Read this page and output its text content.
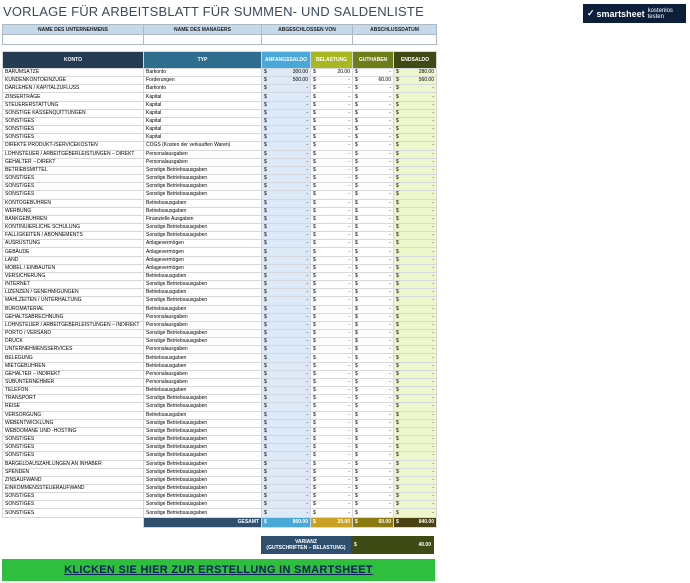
VORLAGE FÜR ARBEITSBLATT FÜR SUMMEN- UND SALDENLISTE	✓ smartsheet kostenlos testen
NAME DES UNTERNEHMENS	NAME DES MANAGERS	ABGESCHLOSSEN VON	ABSCHLUSSDATUM

KONTO	TYP	ANFANGSSALDO	BELASTUNG	GUTHABEN	ENDSALDO
BARUMSÄTZE	Barkonto	$ 300.00	$ 20.00	$ -	$ 280.00

KUNDENKONTOEINZÜGE	Forderungen	$ 500.00	$ -	$ 60.00	$ 560.00

DARLEHEN / KAPITALZUFLUSS	Barkonto	$ -	$ -	$ -	$ -

ZINSERTRÄGE	Kapital	$ -	$ -	$ -	$ -

STEUERERSTATTUNG	Kapital	$ -	$ -	$ -	$ -

SONSTIGE KASSENQUITTUNGEN	Kapital	$ -	$ -	$ -	$ -

SONSTIGES	Kapital	$ -	$ -	$ -	$ -

SONSTIGES	Kapital	$ -	$ -	$ -	$ -

SONSTIGES	Kapital	$ -	$ -	$ -	$ -

DIREKTE PRODUKT-/SERVICEKOSTEN	COGS (Kosten der verkauften Waren)	$ -	$ -	$ -	$ -

LOHNSTEUER / ARBEITGEBERLEISTUNGEN – DIREKT	Personalausgaben	$ -	$ -	$ -	$ -

GEHÄLTER – DIREKT	Personalausgaben	$ -	$ -	$ -	$ -

BETRIEBSMITTEL	Sonstige Betriebsausgaben	$ -	$ -	$ -	$ -

SONSTIGES	Sonstige Betriebsausgaben	$ -	$ -	$ -	$ -

SONSTIGES	Sonstige Betriebsausgaben	$ -	$ -	$ -	$ -

SONSTIGES	Sonstige Betriebsausgaben	$ -	$ -	$ -	$ -

KONTOGEBÜHREN	Betriebsausgaben	$ -	$ -	$ -	$ -

WERBUNG	Betriebsausgaben	$ -	$ -	$ -	$ -

BANKGEBÜHREN	Finanzielle Ausgaben	$ -	$ -	$ -	$ -

KONTINUIERLICHE SCHULUNG	Sonstige Betriebsausgaben	$ -	$ -	$ -	$ -

FÄLLIGKEITEN / ABONNEMENTS	Sonstige Betriebsausgaben	$ -	$ -	$ -	$ -

AUSRÜSTUNG	Anlagevermögen	$ -	$ -	$ -	$ -

GEBÄUDE	Anlagevermögen	$ -	$ -	$ -	$ -

LAND	Anlagevermögen	$ -	$ -	$ -	$ -

MÖBEL / EINBAUTEN	Anlagevermögen	$ -	$ -	$ -	$ -

VERSICHERUNG	Betriebsausgaben	$ -	$ -	$ -	$ -

INTERNET	Sonstige Betriebsausgaben	$ -	$ -	$ -	$ -

LIZENZEN / GENEHMIGUNGEN	Betriebsausgaben	$ -	$ -	$ -	$ -

MAHLZEITEN / UNTERHALTUNG	Sonstige Betriebsausgaben	$ -	$ -	$ -	$ -

BÜROMATERIAL	Betriebsausgaben	$ -	$ -	$ -	$ -

GEHALTSABRECHNUNG	Personalausgaben	$ -	$ -	$ -	$ -

LOHNSTEUER / ARBEITGEBERLEISTUNGEN – INDIREKT	Personalausgaben	$ -	$ -	$ -	$ -

PORTO / VERSAND	Sonstige Betriebsausgaben	$ -	$ -	$ -	$ -

DRUCK	Sonstige Betriebsausgaben	$ -	$ -	$ -	$ -

UNTERNEHMENSSERVICES	Personalausgaben	$ -	$ -	$ -	$ -

BELEGUNG	Betriebsausgaben	$ -	$ -	$ -	$ -

MIETGEBÜHREN	Betriebsausgaben	$ -	$ -	$ -	$ -

GEHÄLTER – INDIREKT	Personalausgaben	$ -	$ -	$ -	$ -

SUBUNTERNEHMER	Personalausgaben	$ -	$ -	$ -	$ -

TELEFON	Betriebsausgaben	$ -	$ -	$ -	$ -

TRANSPORT	Sonstige Betriebsausgaben	$ -	$ -	$ -	$ -

REISE	Sonstige Betriebsausgaben	$ -	$ -	$ -	$ -

VERSORGUNG	Betriebsausgaben	$ -	$ -	$ -	$ -

WEBENTWICKLUNG	Sonstige Betriebsausgaben	$ -	$ -	$ -	$ -

WEBDOMANE UND -HOSTING	Sonstige Betriebsausgaben	$ -	$ -	$ -	$ -

SONSTIGES	Sonstige Betriebsausgaben	$ -	$ -	$ -	$ -

SONSTIGES	Sonstige Betriebsausgaben	$ -	$ -	$ -	$ -

SONSTIGES	Sonstige Betriebsausgaben	$ -	$ -	$ -	$ -

BARGELDAUSZAHLUNGEN AN INHABER	Sonstige Betriebsausgaben	$ -	$ -	$ -	$ -

SPENDEN	Sonstige Betriebsausgaben	$ -	$ -	$ -	$ -

ZINSAUFWAND	Sonstige Betriebsausgaben	$ -	$ -	$ -	$ -

EINKOMMENSSTEUERAUFWAND	Sonstige Betriebsausgaben	$ -	$ -	$ -	$ -

SONSTIGES	Sonstige Betriebsausgaben	$ -	$ -	$ -	$ -

SONSTIGES	Sonstige Betriebsausgaben	$ -	$ -	$ -	$ -

SONSTIGES	Sonstige Betriebsausgaben	$ -	$ -	$ -	$ -

	GESAMT	$ 800.00	$ 20.00	$ 60.00	$ 840.00
VARIANZ
(GUTSCHRIFTEN – BELASTUNG)	$	40.00
KLICKEN SIE HIER ZUR ERSTELLUNG IN SMARTSHEET
